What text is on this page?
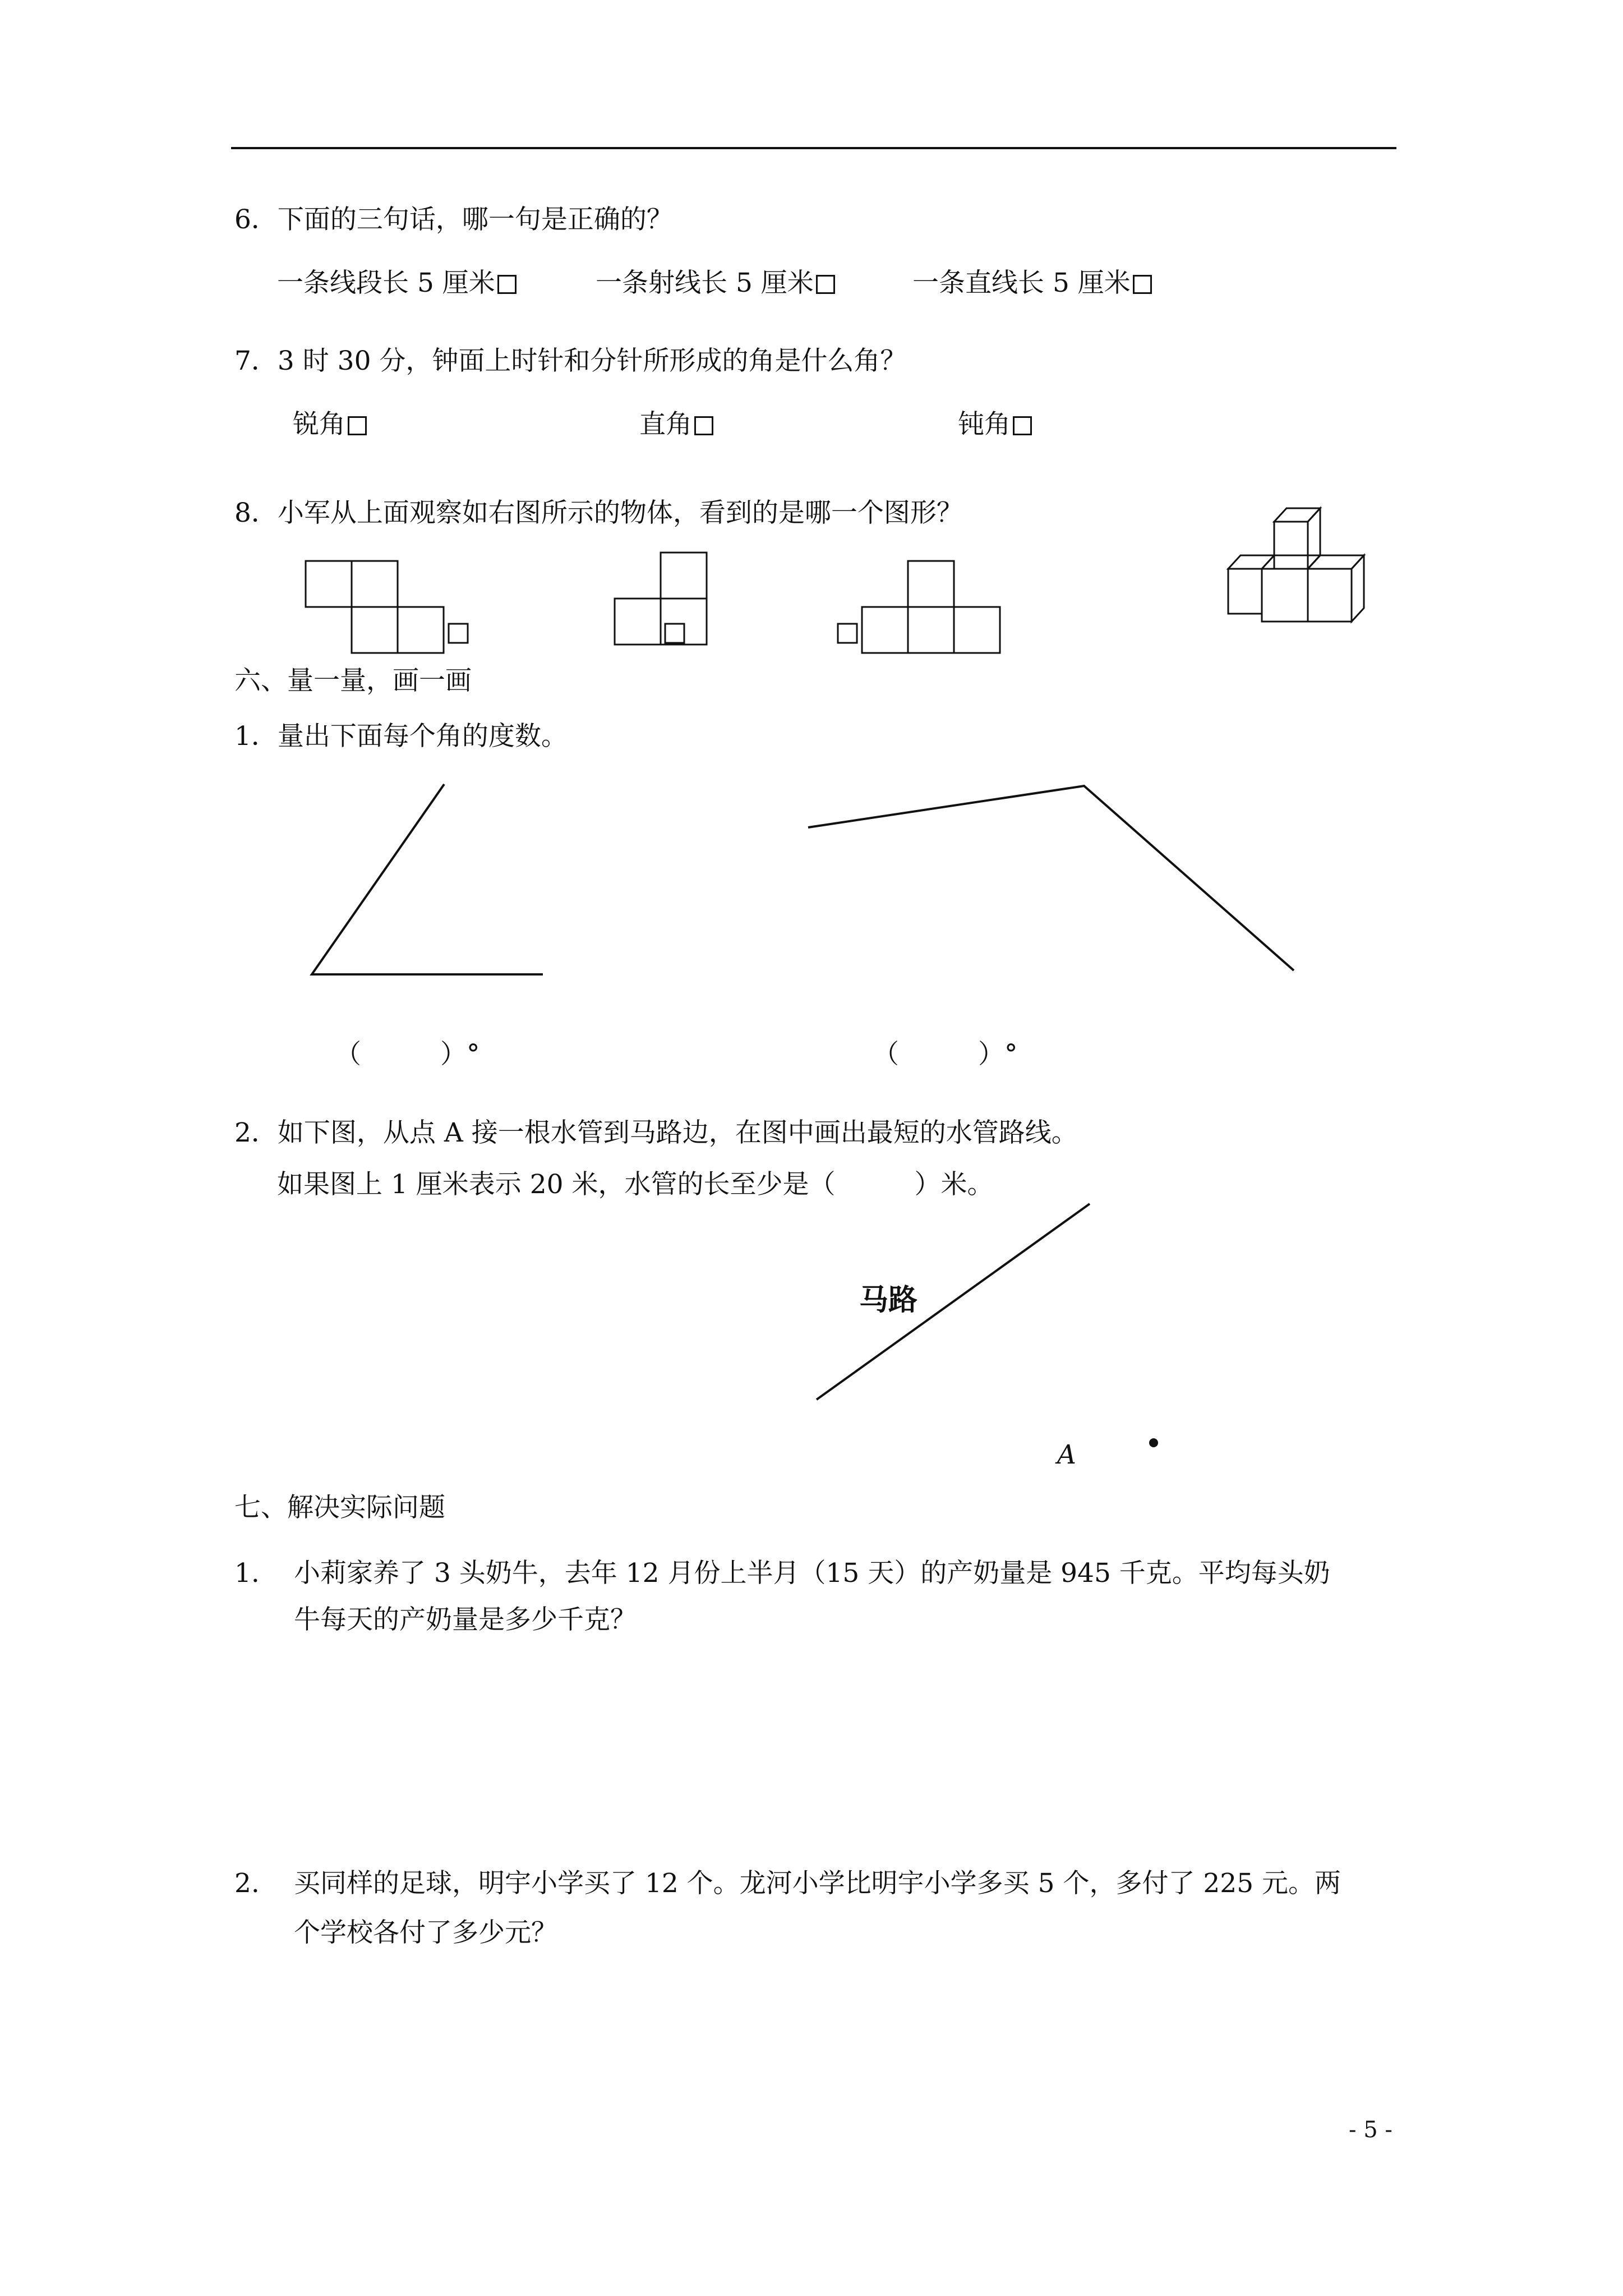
6．下面的三句话，哪一句是正确的？
一条线段长 5 厘米	一条射线长 5 厘米	一条直线长 5 厘米
7．3 时 30 分，钟面上时针和分针所形成的角是什么角？
锐角	直角	钝角
8．小军从上面观察如右图所示的物体，看到的是哪一个图形？
六、量一量，画一画
1．量出下面每个角的度数。
（　　　）°	（　　　）°
2．如下图，从点 A 接一根水管到马路边，在图中画出最短的水管路线。
如果图上 1 厘米表示 20 米，水管的长至少是（　　　）米。
马路
A
七、解决实际问题
1. 小莉家养了 3 头奶牛，去年 12 月份上半月（15 天）的产奶量是 945 千克。平均每头奶
牛每天的产奶量是多少千克？
2. 买同样的足球，明宇小学买了 12 个。龙河小学比明宇小学多买 5 个，多付了 225 元。两
个学校各付了多少元？
- 5 -
